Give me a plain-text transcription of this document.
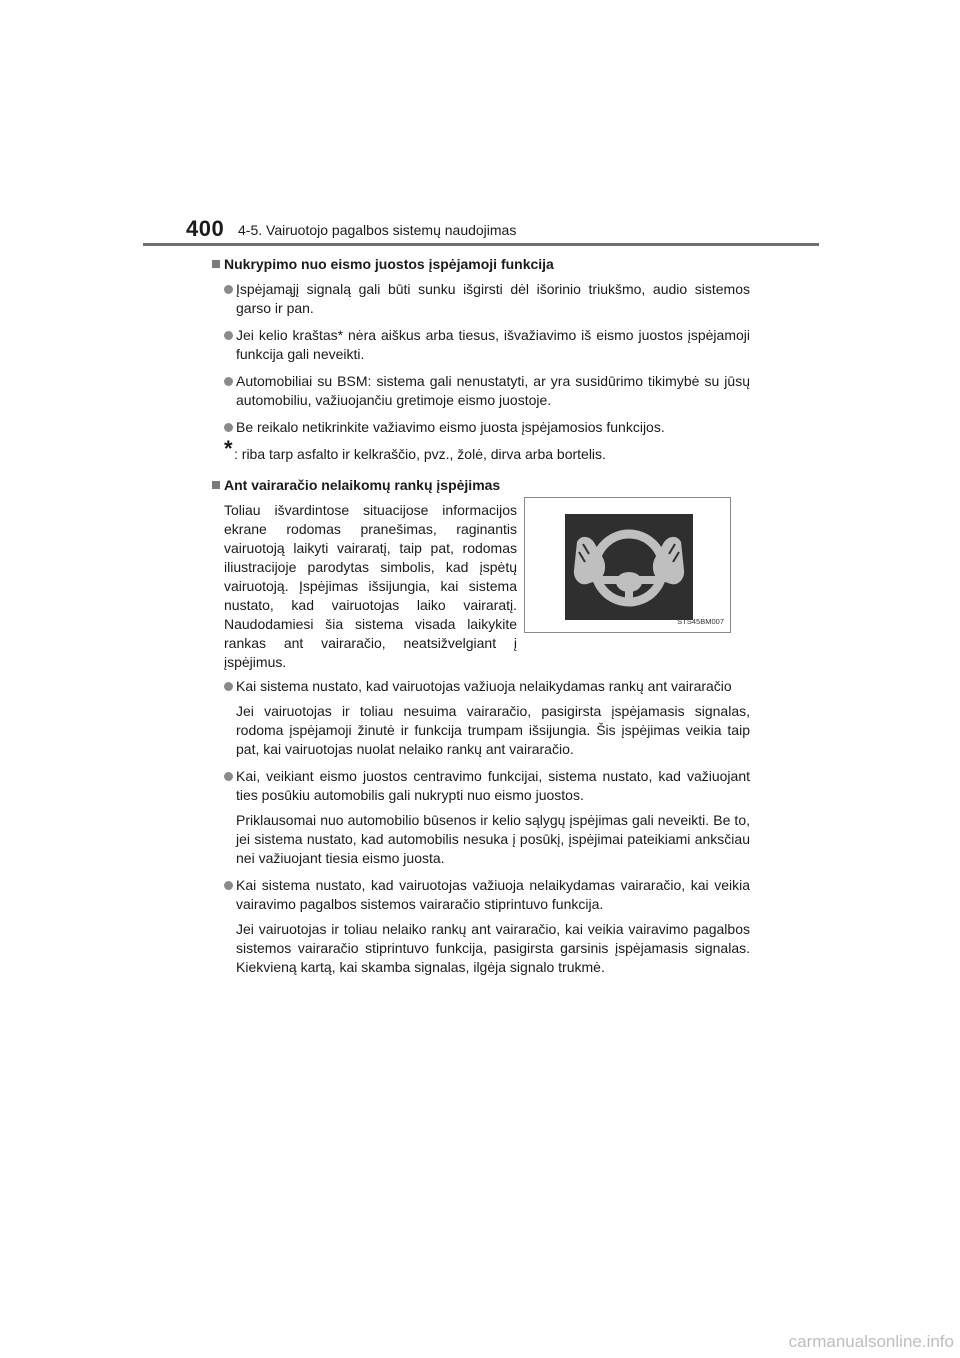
400 4-5. Vairuotojo pagalbos sistemų naudojimas
Nukrypimo nuo eismo juostos įspėjamoji funkcija
Įspėjamąjį signalą gali būti sunku išgirsti dėl išorinio triukšmo, audio sistemos garso ir pan.
Jei kelio kraštas* nėra aiškus arba tiesus, išvažiavimo iš eismo juostos įspėjamoji funkcija gali neveikti.
Automobiliai su BSM: sistema gali nenustatyti, ar yra susidūrimo tikimybė su jūsų automobiliu, važiuojančiu gretimoje eismo juostoje.
Be reikalo netikrinkite važiavimo eismo juosta įspėjamosios funkcijos.
* : riba tarp asfalto ir kelkraščio, pvz., žolė, dirva arba bortelis.
Ant vairaračio nelaikomų rankų įspėjimas
Toliau išvardintose situacijose informacijos ekrane rodomas pranešimas, raginantis vairuotoją laikyti vairaratį, taip pat, rodomas iliustracijoje parodytas simbolis, kad įspėtų vairuotoją. Įspėjimas išsijungia, kai sistema nustato, kad vairuotojas laiko vairaratį. Naudodamiesi šia sistema visada laikykite rankas ant vairaračio, neatsižvelgiant į įspėjimus.
STS45BM007
Kai sistema nustato, kad vairuotojas važiuoja nelaikydamas rankų ant vairaračio
Jei vairuotojas ir toliau nesuima vairaračio, pasigirsta įspėjamasis signalas, rodoma įspėjamoji žinutė ir funkcija trumpam išsijungia. Šis įspėjimas veikia taip pat, kai vairuotojas nuolat nelaiko rankų ant vairaračio.
Kai, veikiant eismo juostos centravimo funkcijai, sistema nustato, kad važiuojant ties posūkiu automobilis gali nukrypti nuo eismo juostos.
Priklausomai nuo automobilio būsenos ir kelio sąlygų įspėjimas gali neveikti. Be to, jei sistema nustato, kad automobilis nesuka į posūkį, įspėjimai pateikiami anksčiau nei važiuojant tiesia eismo juosta.
Kai sistema nustato, kad vairuotojas važiuoja nelaikydamas vairaračio, kai veikia vairavimo pagalbos sistemos vairaračio stiprintuvo funkcija.
Jei vairuotojas ir toliau nelaiko rankų ant vairaračio, kai veikia vairavimo pagalbos sistemos vairaračio stiprintuvo funkcija, pasigirsta garsinis įspėjamasis signalas. Kiekvieną kartą, kai skamba signalas, ilgėja signalo trukmė.
carmanualsonline.info
